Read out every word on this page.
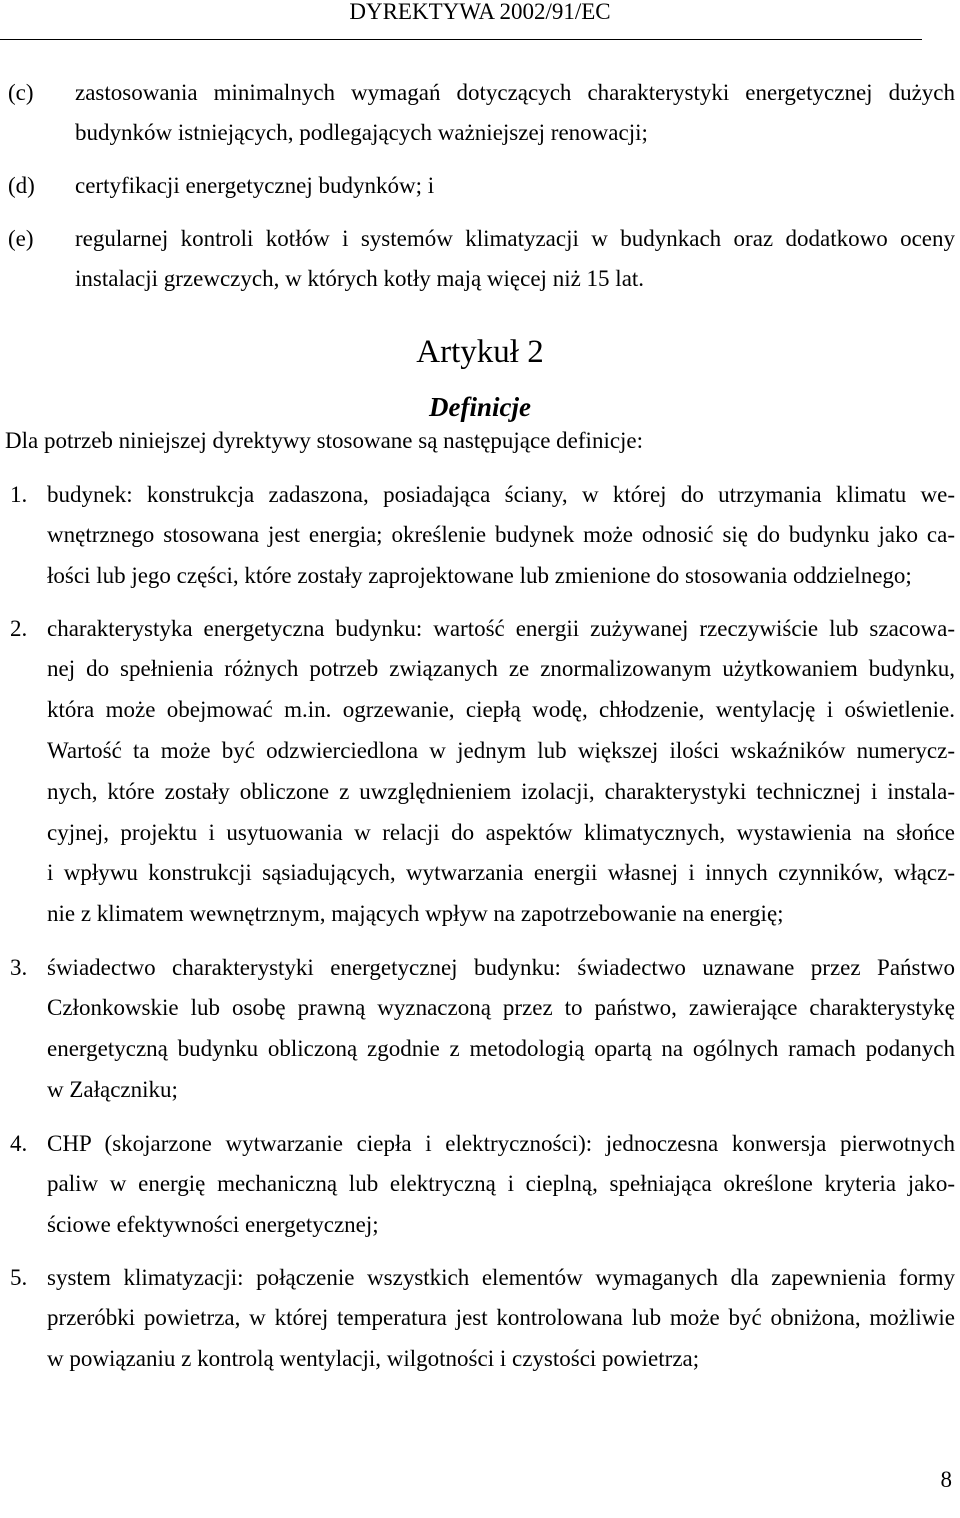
DYREKTYWA 2002/91/EC
(c) zastosowania minimalnych wymagań dotyczących charakterystyki energetycznej dużych
budynków istniejących, podlegających ważniejszej renowacji;
(d) certyfikacji energetycznej budynków; i
(e) regularnej kontroli kotłów i systemów klimatyzacji w budynkach oraz dodatkowo oceny
instalacji grzewczych, w których kotły mają więcej niż 15 lat.
Artykuł 2
Definicje
Dla potrzeb niniejszej dyrektywy stosowane są następujące definicje:
1. budynek: konstrukcja zadaszona, posiadająca ściany, w której do utrzymania klimatu we-
wnętrznego stosowana jest energia; określenie budynek może odnosić się do budynku jako ca-
łości lub jego części, które zostały zaprojektowane lub zmienione do stosowania oddzielnego;
2. charakterystyka energetyczna budynku: wartość energii zużywanej rzeczywiście lub szacowa-
nej do spełnienia różnych potrzeb związanych ze znormalizowanym użytkowaniem budynku,
która może obejmować m.in. ogrzewanie, ciepłą wodę, chłodzenie, wentylację i oświetlenie.
Wartość ta może być odzwierciedlona w jednym lub większej ilości wskaźników numerycz-
nych, które zostały obliczone z uwzględnieniem izolacji, charakterystyki technicznej i instala-
cyjnej, projektu i usytuowania w relacji do aspektów klimatycznych, wystawienia na słońce
i wpływu konstrukcji sąsiadujących, wytwarzania energii własnej i innych czynników, włącz-
nie z klimatem wewnętrznym, mających wpływ na zapotrzebowanie na energię;
3. świadectwo charakterystyki energetycznej budynku: świadectwo uznawane przez Państwo
Członkowskie lub osobę prawną wyznaczoną przez to państwo, zawierające charakterystykę
energetyczną budynku obliczoną zgodnie z metodologią opartą na ogólnych ramach podanych
w Załączniku;
4. CHP (skojarzone wytwarzanie ciepła i elektryczności): jednoczesna konwersja pierwotnych
paliw w energię mechaniczną lub elektryczną i cieplną, spełniająca określone kryteria jako-
ściowe efektywności energetycznej;
5. system klimatyzacji: połączenie wszystkich elementów wymaganych dla zapewnienia formy
przeróbki powietrza, w której temperatura jest kontrolowana lub może być obniżona, możliwie
w powiązaniu z kontrolą wentylacji, wilgotności i czystości powietrza;
8
